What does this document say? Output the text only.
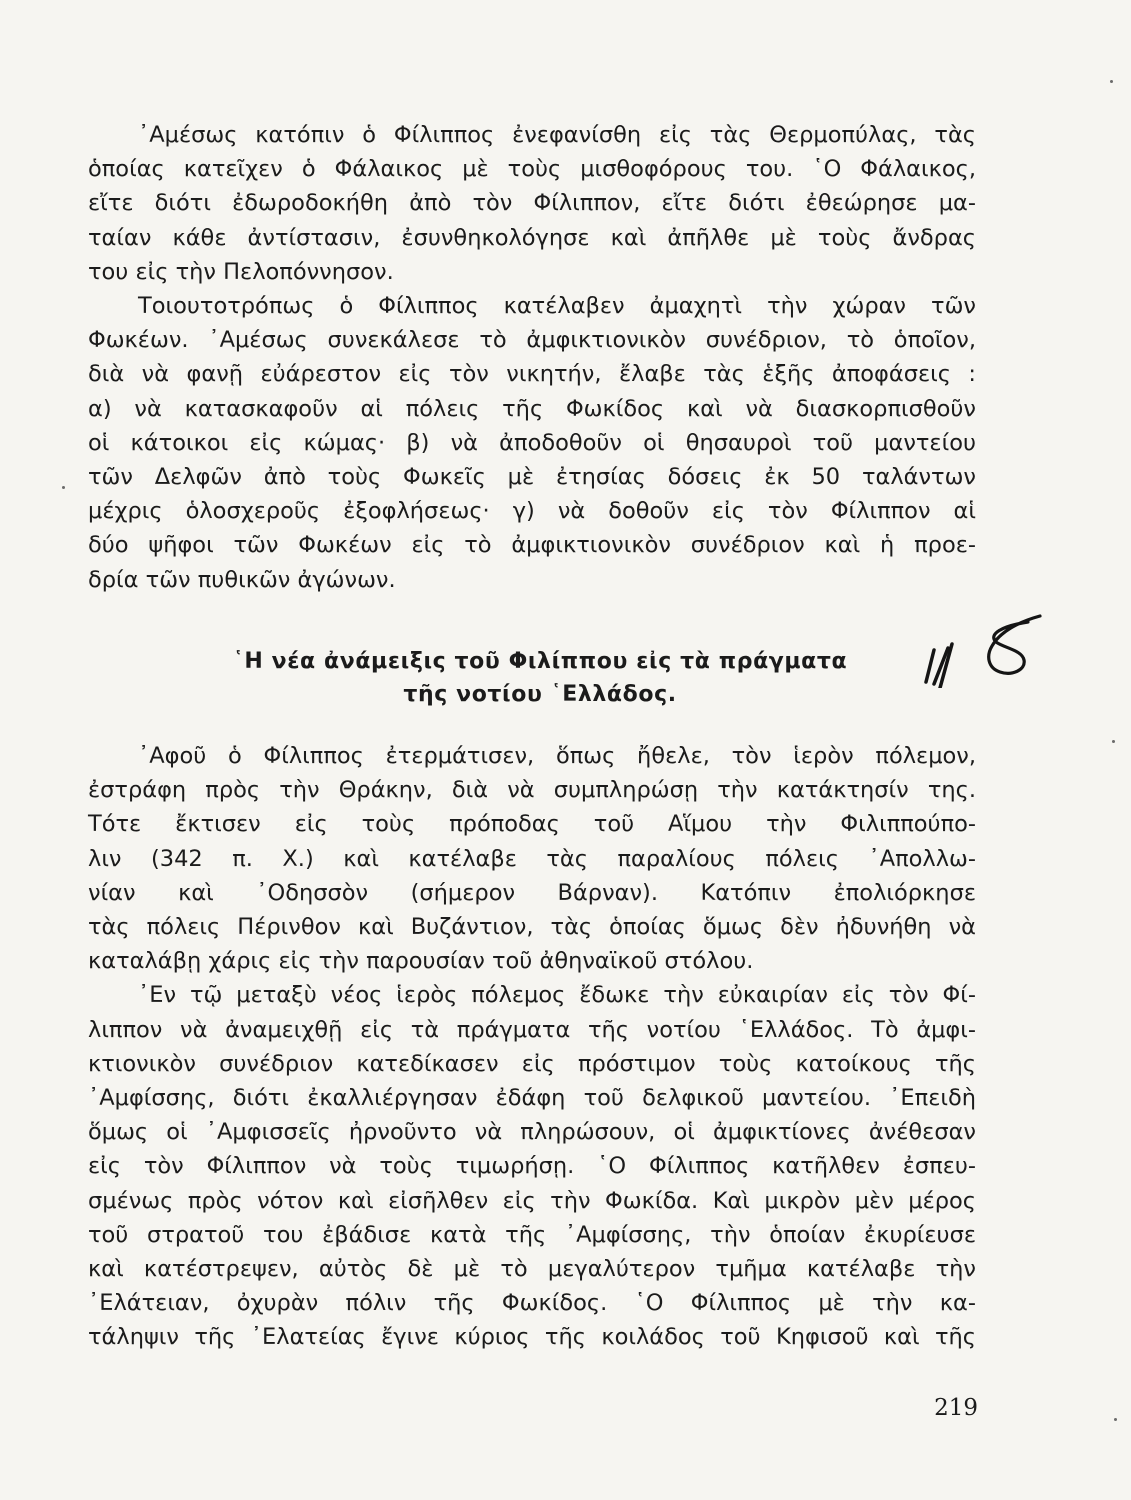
᾿Αμέσως κατόπιν ὁ Φίλιππος ἐνεφανίσθη εἰς τὰς Θερμοπύλας, τὰς
ὁποίας κατεῖχεν ὁ Φάλαικος μὲ τοὺς μισθοφόρους του. ῾Ο Φάλαικος,
εἴτε διότι ἐδωροδοκήθη ἀπὸ τὸν Φίλιππον, εἴτε διότι ἐθεώρησε μα-
ταίαν κάθε ἀντίστασιν, ἐσυνθηκολόγησε καὶ ἀπῆλθε μὲ τοὺς ἄνδρας
του εἰς τὴν Πελοπόννησον.
Τοιουτοτρόπως ὁ Φίλιππος κατέλαβεν ἀμαχητὶ τὴν χώραν τῶν
Φωκέων. ᾿Αμέσως συνεκάλεσε τὸ ἀμφικτιονικὸν συνέδριον, τὸ ὁποῖον,
διὰ νὰ φανῇ εὐάρεστον εἰς τὸν νικητήν, ἔλαβε τὰς ἑξῆς ἀποφάσεις :
α) νὰ κατασκαφοῦν αἱ πόλεις τῆς Φωκίδος καὶ νὰ διασκορπισθοῦν
οἱ κάτοικοι εἰς κώμας· β) νὰ ἀποδοθοῦν οἱ θησαυροὶ τοῦ μαντείου
τῶν Δελφῶν ἀπὸ τοὺς Φωκεῖς μὲ ἐτησίας δόσεις ἐκ 50 ταλάντων
μέχρις ὁλοσχεροῦς ἐξοφλήσεως· γ) νὰ δοθοῦν εἰς τὸν Φίλιππον αἱ
δύο ψῆφοι τῶν Φωκέων εἰς τὸ ἀμφικτιονικὸν συνέδριον καὶ ἡ προε-
δρία τῶν πυθικῶν ἀγώνων.
῾Η νέα ἀνάμειξις τοῦ Φιλίππου εἰς τὰ πράγματα
τῆς νοτίου ῾Ελλάδος.
᾿Αφοῦ ὁ Φίλιππος ἐτερμάτισεν, ὅπως ἤθελε, τὸν ἱερὸν πόλεμον,
ἐστράφη πρὸς τὴν Θράκην, διὰ νὰ συμπληρώσῃ τὴν κατάκτησίν της.
Τότε ἔκτισεν εἰς τοὺς πρόποδας τοῦ Αἵμου τὴν Φιλιππούπο-
λιν (342 π. Χ.) καὶ κατέλαβε τὰς παραλίους πόλεις ᾿Απολλω-
νίαν καὶ ᾿Οδησσὸν (σήμερον Βάρναν). Κατόπιν ἐπολιόρκησε
τὰς πόλεις Πέρινθον καὶ Βυζάντιον, τὰς ὁποίας ὅμως δὲν ἠδυνήθη νὰ
καταλάβῃ χάρις εἰς τὴν παρουσίαν τοῦ ἀθηναϊκοῦ στόλου.
᾿Εν τῷ μεταξὺ νέος ἱερὸς πόλεμος ἔδωκε τὴν εὐκαιρίαν εἰς τὸν Φί-
λιππον νὰ ἀναμειχθῇ εἰς τὰ πράγματα τῆς νοτίου ῾Ελλάδος. Τὸ ἀμφι-
κτιονικὸν συνέδριον κατεδίκασεν εἰς πρόστιμον τοὺς κατοίκους τῆς
᾿Αμφίσσης, διότι ἐκαλλιέργησαν ἐδάφη τοῦ δελφικοῦ μαντείου. ᾿Επειδὴ
ὅμως οἱ ᾿Αμφισσεῖς ἠρνοῦντο νὰ πληρώσουν, οἱ ἀμφικτίονες ἀνέθεσαν
εἰς τὸν Φίλιππον νὰ τοὺς τιμωρήσῃ. ῾Ο Φίλιππος κατῆλθεν ἐσπευ-
σμένως πρὸς νότον καὶ εἰσῆλθεν εἰς τὴν Φωκίδα. Καὶ μικρὸν μὲν μέρος
τοῦ στρατοῦ του ἐβάδισε κατὰ τῆς ᾿Αμφίσσης, τὴν ὁποίαν ἐκυρίευσε
καὶ κατέστρεψεν, αὐτὸς δὲ μὲ τὸ μεγαλύτερον τμῆμα κατέλαβε τὴν
᾿Ελάτειαν, ὀχυρὰν πόλιν τῆς Φωκίδος. ῾Ο Φίλιππος μὲ τὴν κα-
τάληψιν τῆς ᾿Ελατείας ἔγινε κύριος τῆς κοιλάδος τοῦ Κηφισοῦ καὶ τῆς
219
